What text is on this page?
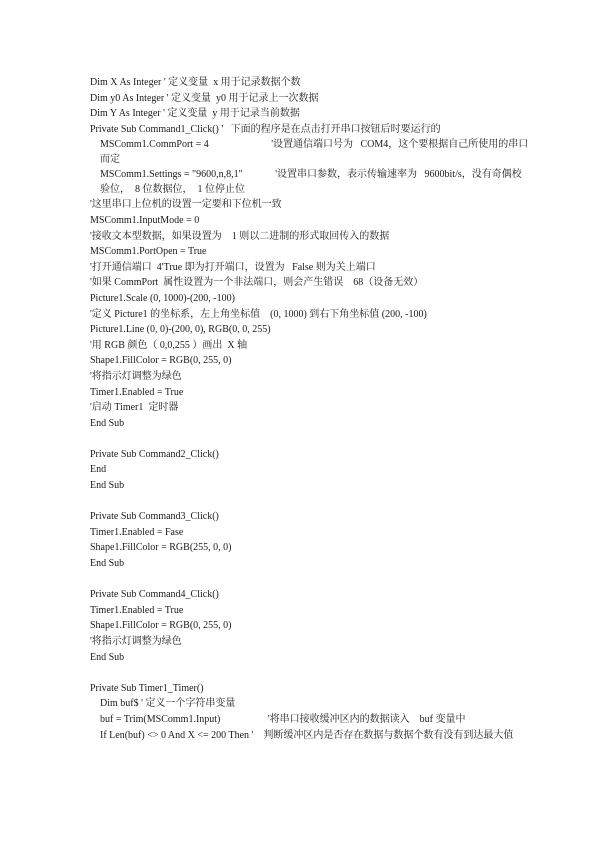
Dim X As Integer ' 定义变量  x 用于记录数据个数

Dim y0 As Integer ' 定义变量  y0 用于记录上一次数据

Dim Y As Integer ' 定义变量  y 用于记录当前数据

Private Sub Command1_Click() '   下面的程序是在点击打开串口按钮后时要运行的

MSComm1.CommPort = 4                         '设置通信端口号为   COM4，这个要根据自己所使用的串口而定

MSComm1.Settings = "9600,n,8,1"             '设置串口参数，表示传输速率为   9600bit/s，没有奇偶校验位，  8 位数据位，  1 位停止位

'这里串口上位机的设置一定要和下位机一致

MSComm1.InputMode = 0

'接收文本型数据，如果设置为    1 则以二进制的形式取回传入的数据

MSComm1.PortOpen = True

'打开通信端口  4'True 即为打开端口，设置为   False 则为关上端口

'如果 CommPort  属性设置为一个非法端口，则会产生错误    68（设备无效）

Picture1.Scale (0, 1000)-(200, -100)

'定义 Picture1 的坐标系，左上角坐标值    (0, 1000) 到右下角坐标值 (200, -100)

Picture1.Line (0, 0)-(200, 0), RGB(0, 0, 255)

'用 RGB 颜色（ 0,0,255 ）画出  X 轴

Shape1.FillColor = RGB(0, 255, 0)

'将指示灯调整为绿色

Timer1.Enabled = True

'启动 Timer1  定时器

End Sub

Private Sub Command2_Click()

End

End Sub

Private Sub Command3_Click()

Timer1.Enabled = Fase

Shape1.FillColor = RGB(255, 0, 0)

End Sub

Private Sub Command4_Click()

Timer1.Enabled = True

Shape1.FillColor = RGB(0, 255, 0)

'将指示灯调整为绿色

End Sub

Private Sub Timer1_Timer()

Dim buf$ ' 定义一个字符串变量

buf = Trim(MSComm1.Input)                   '将串口接收缓冲区内的数据读入    buf 变量中

If Len(buf) <> 0 And X <= 200 Then '    判断缓冲区内是否存在数据与数据个数有没有到达最大值
